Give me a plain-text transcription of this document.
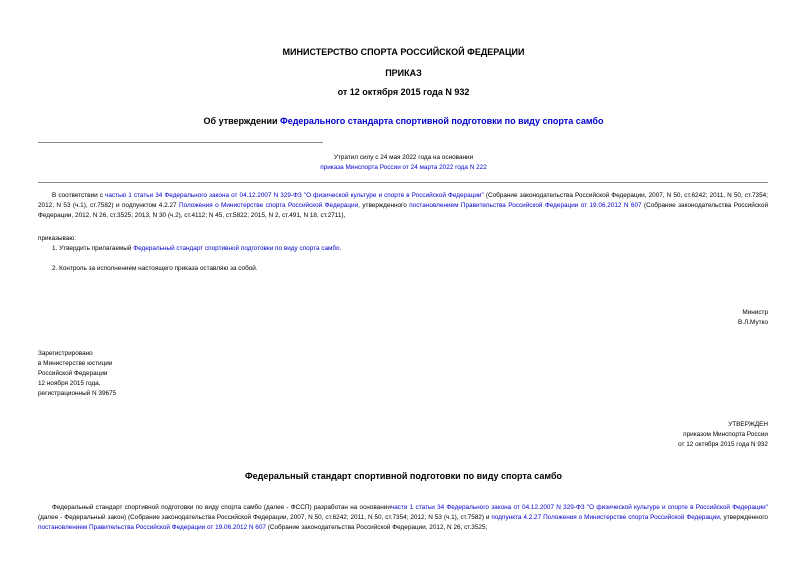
МИНИСТЕРСТВО СПОРТА РОССИЙСКОЙ ФЕДЕРАЦИИ
ПРИКАЗ
от 12 октября 2015 года N 932
Об утверждении Федерального стандарта спортивной подготовки по виду спорта самбо
Утратил силу с 24 мая 2022 года на основании
приказа Минспорта России от 24 марта 2022 года N 222
В соответствии с частью 1 статьи 34 Федерального закона от 04.12.2007 N 329-ФЗ "О физической культуре и спорте в Российской Федерации" (Собрание законодательства Российской Федерации, 2007, N 50, ст.6242; 2011, N 50, ст.7354; 2012, N 53 (ч.1), ст.7582) и подпунктом 4.2.27 Положения о Министерстве спорта Российской Федерации, утвержденного постановлением Правительства Российской Федерации от 19.06.2012 N 607 (Собрание законодательства Российской Федерации, 2012, N 26, ст.3525; 2013, N 30 (ч.2), ст.4112; N 45, ст.5822; 2015, N 2, ст.491, N 18, ст.2711),
приказываю:
1. Утвердить прилагаемый Федеральный стандарт спортивной подготовки по виду спорта самбо.
2. Контроль за исполнением настоящего приказа оставляю за собой.
Министр
В.Л.Мутко
Зарегистрировано
в Министерстве юстиции
Российской Федерации
12 ноября 2015 года,
регистрационный N 39675
УТВЕРЖДЕН
приказом Минспорта России
от 12 октября 2015 года N 932
Федеральный стандарт спортивной подготовки по виду спорта самбо
Федеральный стандарт спортивной подготовки по виду спорта самбо (далее - ФССП) разработан на основаниичасти 1 статьи 34 Федерального закона от 04.12.2007 N 329-ФЗ "О физической культуре и спорте в Российской Федерации" (далее - Федеральный закон) (Собрание законодательства Российской Федерации, 2007, N 50, ст.6242; 2011, N 50, ст.7354; 2012, N 53 (ч.1), ст.7582) и подпункта 4.2.27 Положения о Министерстве спорта Российской Федерации, утвержденного постановлением Правительства Российской Федерации от 19.06.2012 N 607 (Собрание законодательства Российской Федерации, 2012, N 26, ст.3525;
